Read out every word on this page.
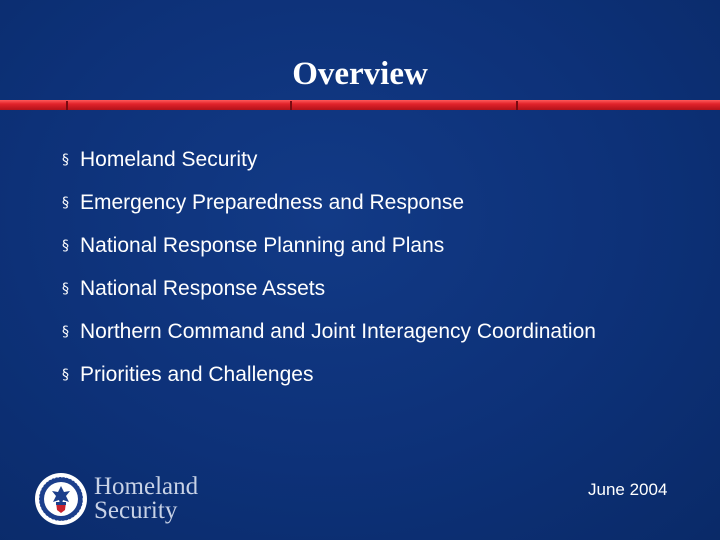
Overview
§ Homeland Security
§ Emergency Preparedness and Response
§ National Response Planning and Plans
§ National Response Assets
§ Northern Command and Joint Interagency Coordination
§ Priorities and Challenges
Homeland
Security
June 2004
